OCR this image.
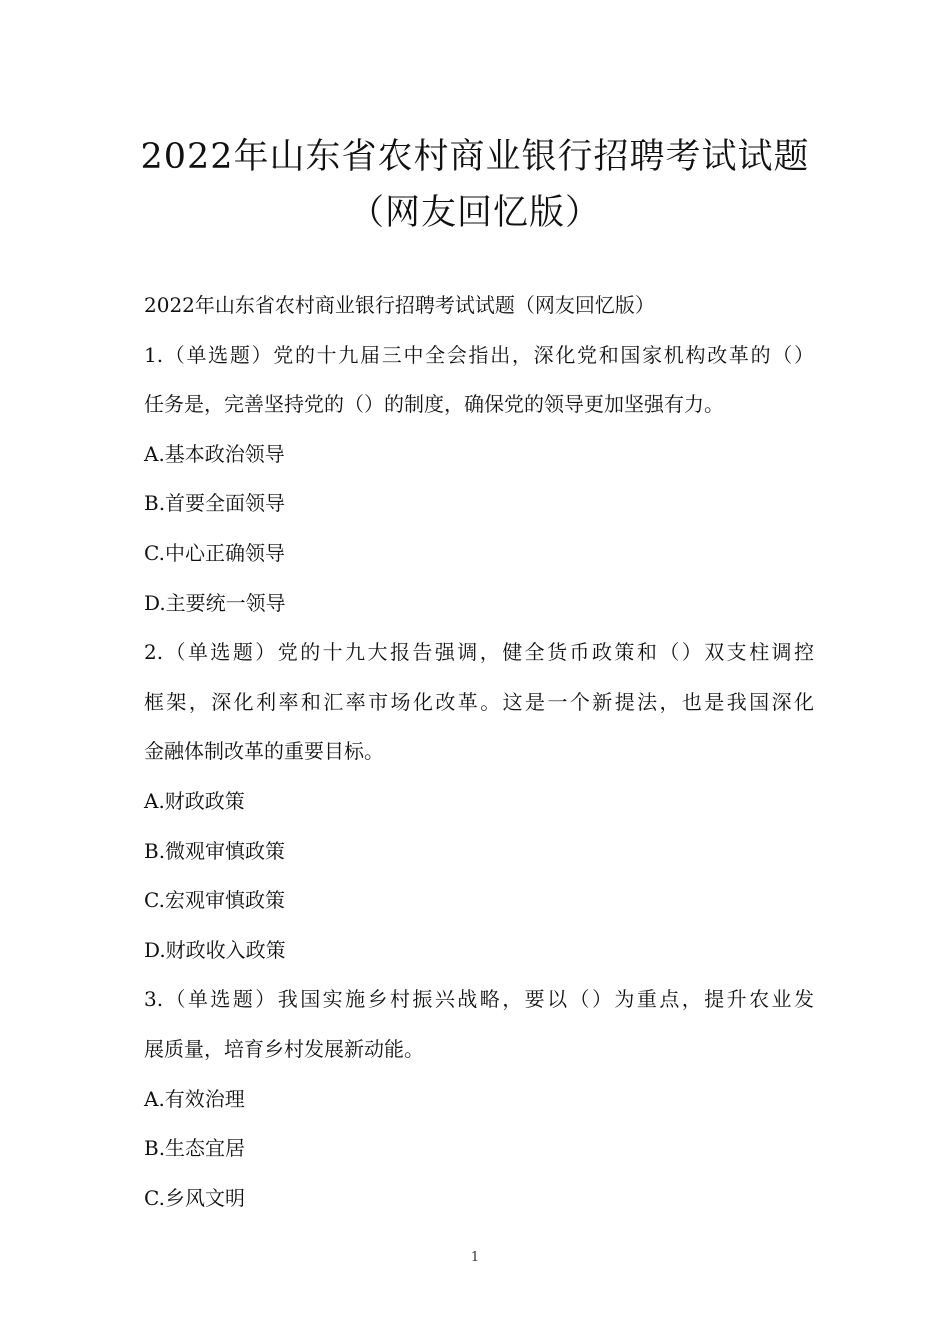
2022年山东省农村商业银行招聘考试试题
（网友回忆版）
2022年山东省农村商业银行招聘考试试题（网友回忆版）
1.（单选题）党的十九届三中全会指出，深化党和国家机构改革的（）
任务是，完善坚持党的（）的制度，确保党的领导更加坚强有力。
A.基本政治领导
B.首要全面领导
C.中心正确领导
D.主要统一领导
2.（单选题）党的十九大报告强调，健全货币政策和（）双支柱调控
框架，深化利率和汇率市场化改革。这是一个新提法，也是我国深化
金融体制改革的重要目标。
A.财政政策
B.微观审慎政策
C.宏观审慎政策
D.财政收入政策
3.（单选题）我国实施乡村振兴战略，要以（）为重点，提升农业发
展质量，培育乡村发展新动能。
A.有效治理
B.生态宜居
C.乡风文明
1
